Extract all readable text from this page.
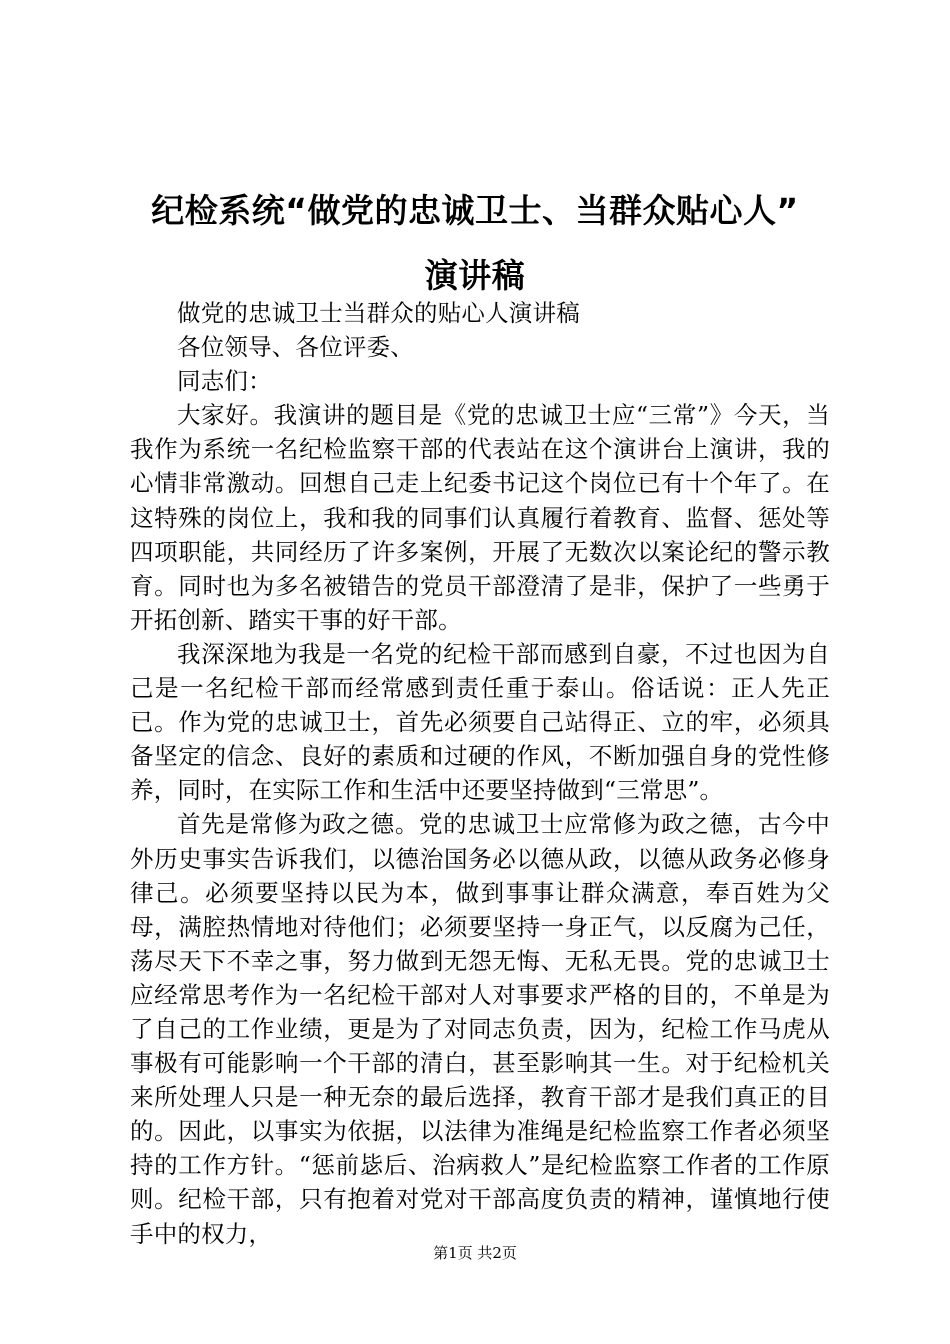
纪检系统“做党的忠诚卫士、当群众贴心人”
演讲稿

做党的忠诚卫士当群众的贴心人演讲稿

各位领导、各位评委、

同志们：

大家好。我演讲的题目是《党的忠诚卫士应“三常”》今天，当我作为系统一名纪检监察干部的代表站在这个演讲台上演讲，我的心情非常激动。回想自己走上纪委书记这个岗位已有十个年了。在这特殊的岗位上，我和我的同事们认真履行着教育、监督、惩处等四项职能，共同经历了许多案例，开展了无数次以案论纪的警示教育。同时也为多名被错告的党员干部澄清了是非，保护了一些勇于开拓创新、踏实干事的好干部。

我深深地为我是一名党的纪检干部而感到自豪，不过也因为自己是一名纪检干部而经常感到责任重于泰山。俗话说：正人先正已。作为党的忠诚卫士，首先必须要自己站得正、立的牢，必须具备坚定的信念、良好的素质和过硬的作风，不断加强自身的党性修养，同时，在实际工作和生活中还要坚持做到“三常思”。

首先是常修为政之德。党的忠诚卫士应常修为政之德，古今中外历史事实告诉我们，以德治国务必以德从政，以德从政务必修身律己。必须要坚持以民为本，做到事事让群众满意，奉百姓为父母，满腔热情地对待他们；必须要坚持一身正气，以反腐为己任，荡尽天下不幸之事，努力做到无怨无悔、无私无畏。党的忠诚卫士应经常思考作为一名纪检干部对人对事要求严格的目的，不单是为了自己的工作业绩，更是为了对同志负责，因为，纪检工作马虎从事极有可能影响一个干部的清白，甚至影响其一生。对于纪检机关来所处理人只是一种无奈的最后选择，教育干部才是我们真正的目的。因此，以事实为依据，以法律为准绳是纪检监察工作者必须坚持的工作方针。“惩前毖后、治病救人”是纪检监察工作者的工作原则。纪检干部，只有抱着对党对干部高度负责的精神，谨慎地行使手中的权力，

第1页 共2页
